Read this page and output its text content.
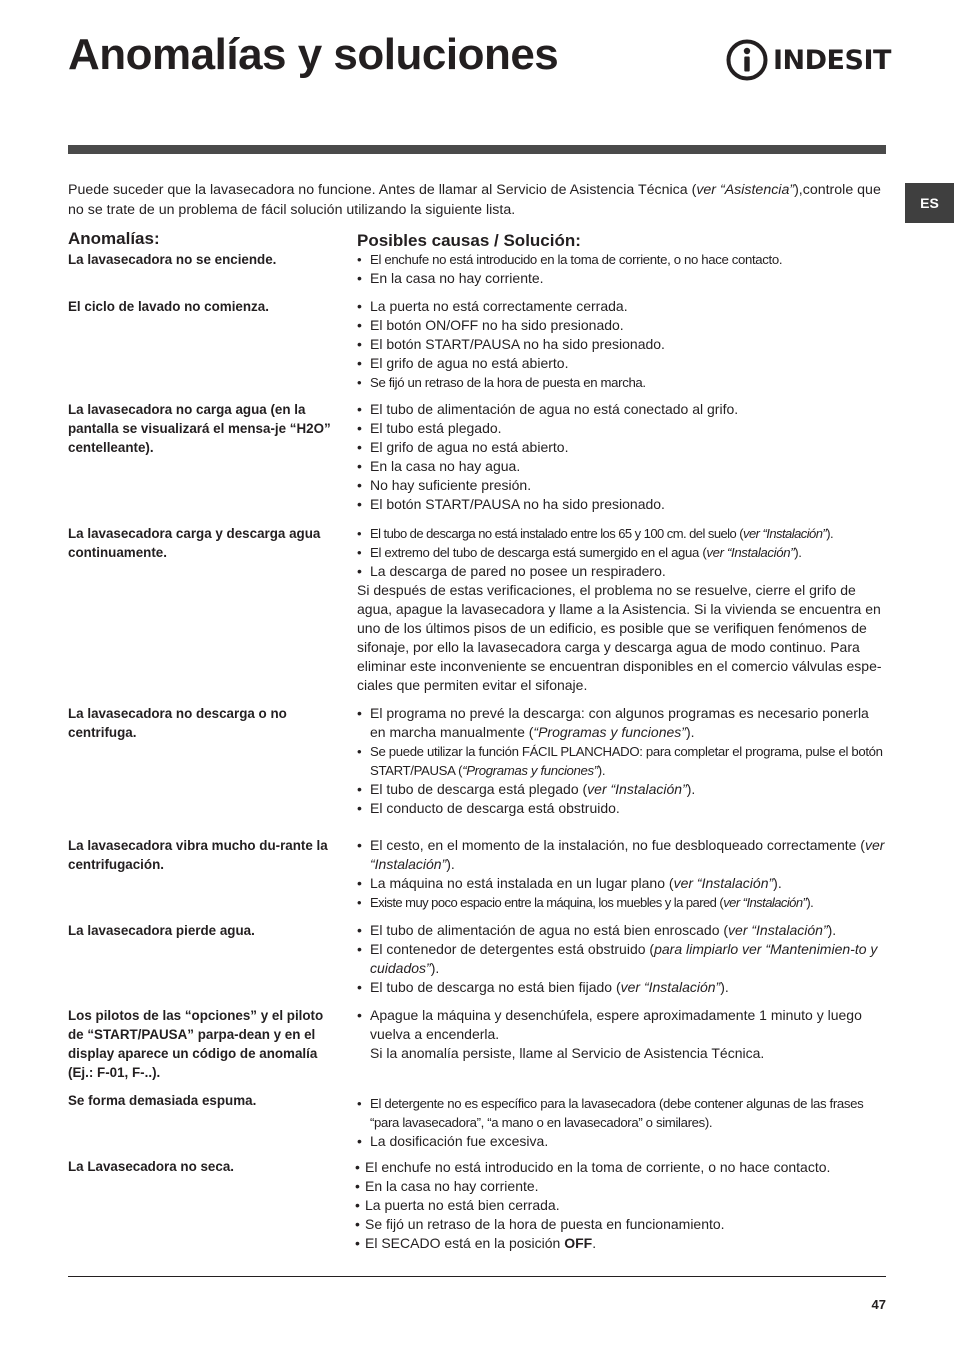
Anomalías y soluciones	INDESIT
ES

Puede suceder que la lavasecadora no funcione. Antes de llamar al Servicio de Asistencia Técnica (ver “Asistencia”),controle que no se trate de un problema de fácil solución utilizando la siguiente lista.

Anomalías:	Posibles causas / Solución:
La lavasecadora no se enciende.	• El enchufe no está introducido en la toma de corriente, o no hace contacto.
• En la casa no hay corriente.
El ciclo de lavado no comienza.	• La puerta no está correctamente cerrada.
• El botón ON/OFF no ha sido presionado.
• El botón START/PAUSA no ha sido presionado.
• El grifo de agua no está abierto.
• Se fijó un retraso de la hora de puesta en marcha.
La lavasecadora no carga agua (en la pantalla se visualizará el mensa-je “H2O” centelleante).
• El tubo de alimentación de agua no está conectado al grifo.
• El tubo está plegado.
• El grifo de agua no está abierto.
• En la casa no hay agua.
• No hay suficiente presión.
• El botón START/PAUSA no ha sido presionado.
La lavasecadora carga y descarga agua continuamente.
• El tubo de descarga no está instalado entre los 65 y 100 cm. del suelo (ver “Instalación”).
• El extremo del tubo de descarga está sumergido en el agua (ver “Instalación”).
• La descarga de pared no posee un respiradero.

Si después de estas verificaciones, el problema no se resuelve, cierre el grifo de agua, apague la lavasecadora y llame a la Asistencia. Si la vivienda se encuentra en uno de los últimos pisos de un edificio, es posible que se verifiquen fenómenos de sifonaje, por ello la lavasecadora carga y descarga agua de modo continuo. Para eliminar este inconveniente se encuentran disponibles en el comercio válvulas espe-ciales que permiten evitar el sifonaje.

La lavasecadora no descarga o no centrifuga.
• El programa no prevé la descarga: con algunos programas es necesario ponerla en marcha manualmente (“Programas y funciones”).
• Se puede utilizar la función FÁCIL PLANCHADO: para completar el programa, pulse el botón START/PAUSA (“Programas y funciones”).
• El tubo de descarga está plegado (ver “Instalación”).
• El conducto de descarga está obstruido.
La lavasecadora vibra mucho du-rante la centrifugación.
• El cesto, en el momento de la instalación, no fue desbloqueado correctamente (ver “Instalación”).
• La máquina no está instalada en un lugar plano (ver “Instalación”).
• Existe muy poco espacio entre la máquina, los muebles y la pared (ver “Instalación”).
La lavasecadora pierde agua.	• El tubo de alimentación de agua no está bien enroscado (ver “Instalación”).
• El contenedor de detergentes está obstruido (para limpiarlo ver “Mantenimien-to y cuidados”).
• El tubo de descarga no está bien fijado (ver “Instalación”).
Los pilotos de las “opciones” y el piloto de “START/PAUSA” parpa-dean y en el display aparece un código de anomalía (Ej.: F-01, F-..).
• Apague la máquina y desenchúfela, espere aproximadamente 1 minuto y luego vuelva a encenderla.

Si la anomalía persiste, llame al Servicio de Asistencia Técnica.

Se forma demasiada espuma.	• El detergente no es específico para la lavasecadora (debe contener algunas de las frases “para lavasecadora”, “a mano o en lavasecadora” o similares).
• La dosificación fue excesiva.
La Lavasecadora no seca.	• El enchufe no está introducido en la toma de corriente, o no hace contacto.
• En la casa no hay corriente.
• La puerta no está bien cerrada.
• Se fijó un retraso de la hora de puesta en funcionamiento.
• El SECADO está en la posición OFF.
47
